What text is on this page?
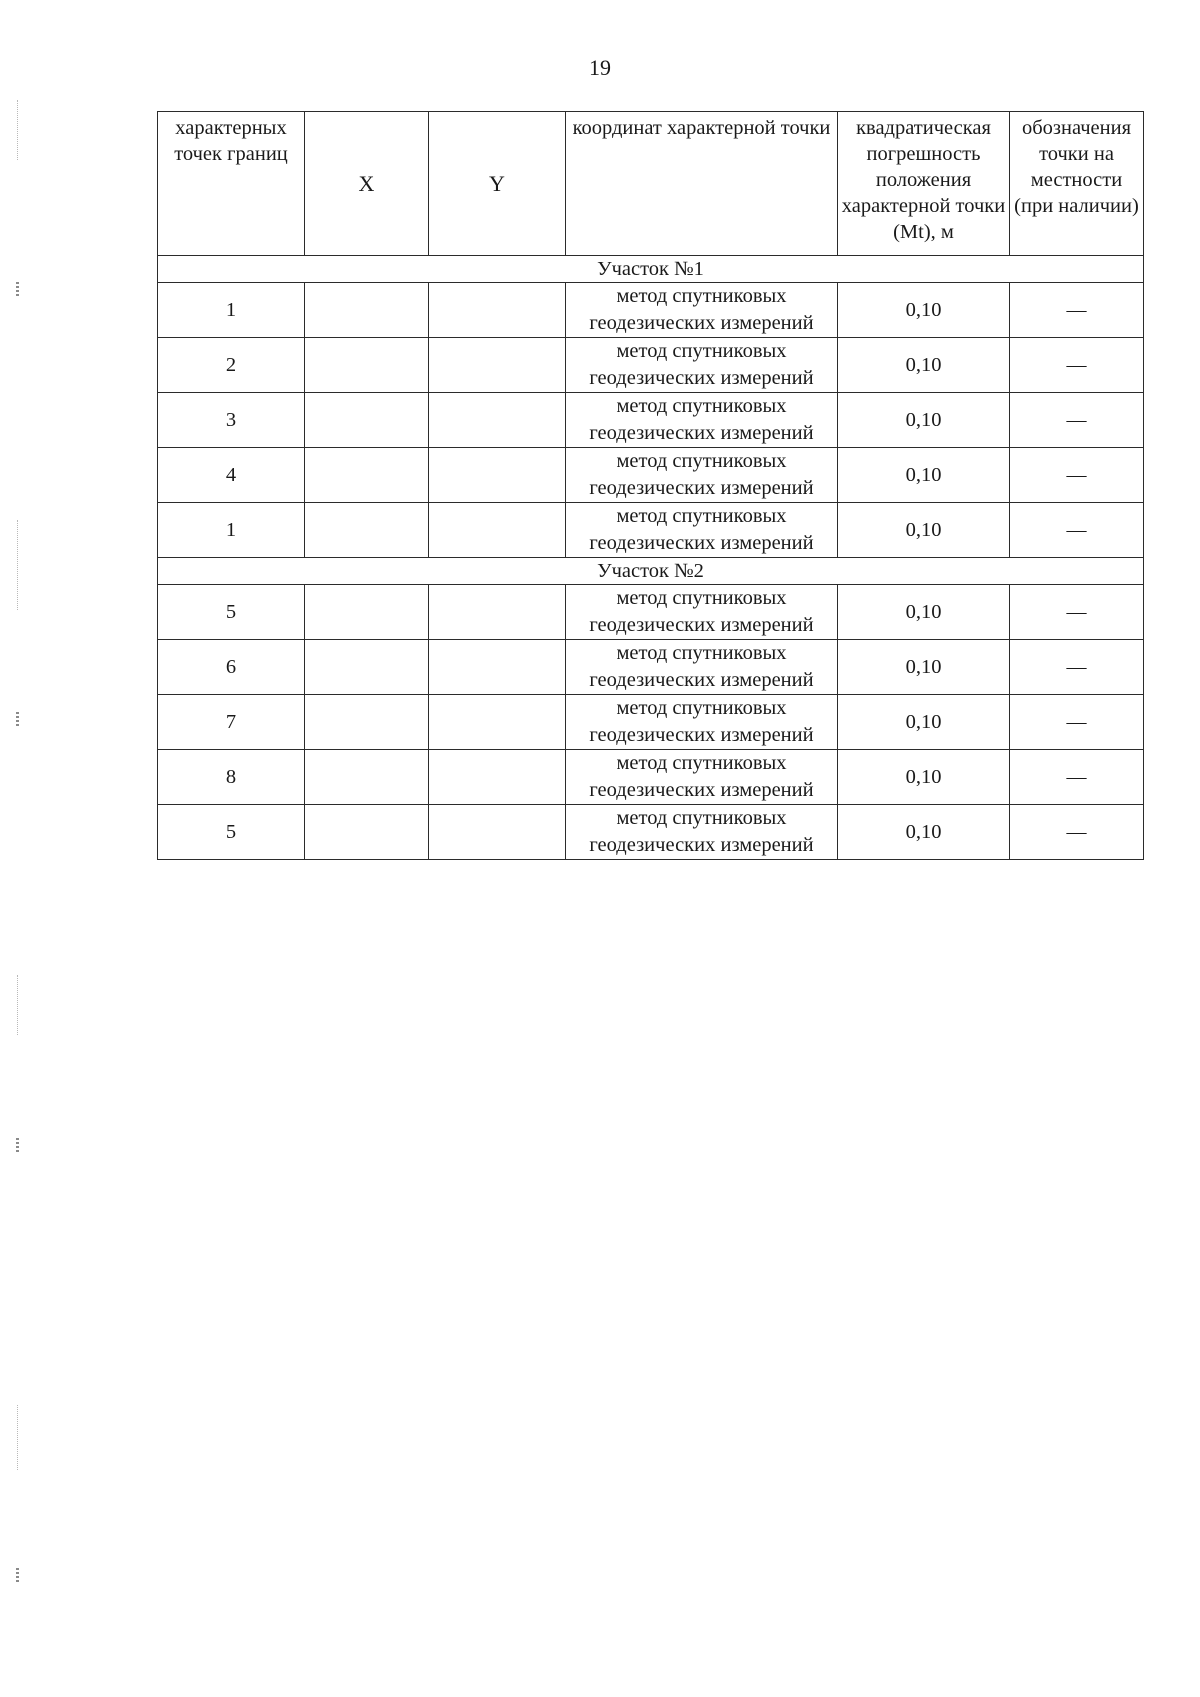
19
характерных точек границ	X	Y	координат характерной точки	квадратическая погрешность положения характерной точки (Mt), м	обозначения точки на местности (при наличии)
Участок №1					
1			метод спутниковых геодезических измерений	0,10	—
2			метод спутниковых геодезических измерений	0,10	—
3			метод спутниковых геодезических измерений	0,10	—
4			метод спутниковых геодезических измерений	0,10	—
1			метод спутниковых геодезических измерений	0,10	—
Участок №2					
5			метод спутниковых геодезических измерений	0,10	—
6			метод спутниковых геодезических измерений	0,10	—
7			метод спутниковых геодезических измерений	0,10	—
8			метод спутниковых геодезических измерений	0,10	—
5			метод спутниковых геодезических измерений	0,10	—
